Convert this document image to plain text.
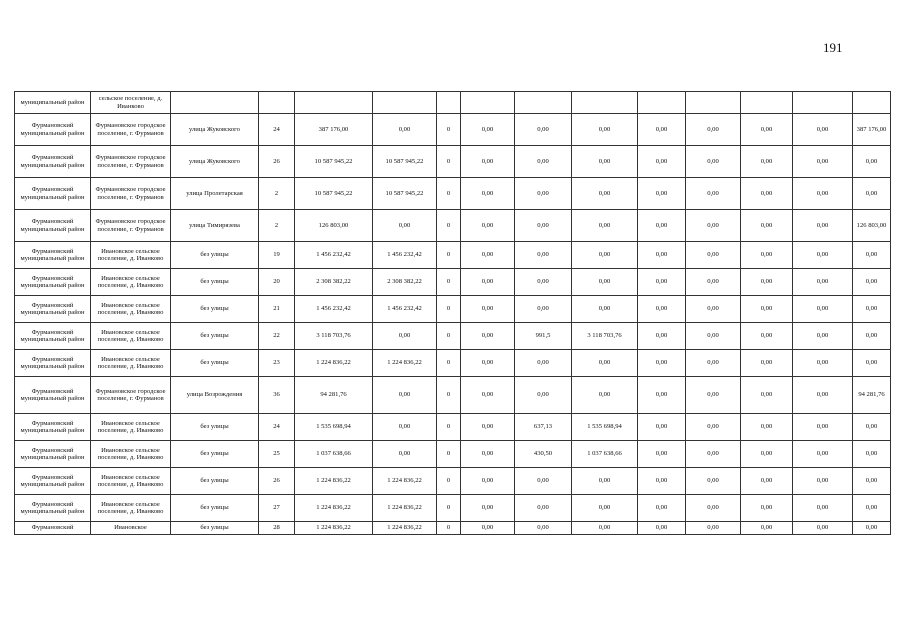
191
муниципальный район	сельское поселение, д. Иванково													
Фурмановский муниципальный район	Фурмановское городское поселение, г. Фурманов	улица Жуковского	24	387 176,00	0,00	0	0,00	0,00	0,00	0,00	0,00	0,00	0,00	387 176,00
Фурмановский муниципальный район	Фурмановское городское поселение, г. Фурманов	улица Жуковского	26	10 587 945,22	10 587 945,22	0	0,00	0,00	0,00	0,00	0,00	0,00	0,00	0,00
Фурмановский муниципальный район	Фурмановское городское поселение, г. Фурманов	улица Пролетарская	2	10 587 945,22	10 587 945,22	0	0,00	0,00	0,00	0,00	0,00	0,00	0,00	0,00
Фурмановский муниципальный район	Фурмановское городское поселение, г. Фурманов	улица Тимирязева	2	126 803,00	0,00	0	0,00	0,00	0,00	0,00	0,00	0,00	0,00	126 803,00
Фурмановский муниципальный район	Ивановское сельское поселение, д. Иванково	без улицы	19	1 456 232,42	1 456 232,42	0	0,00	0,00	0,00	0,00	0,00	0,00	0,00	0,00
Фурмановский муниципальный район	Ивановское сельское поселение, д. Иванково	без улицы	20	2 308 382,22	2 308 382,22	0	0,00	0,00	0,00	0,00	0,00	0,00	0,00	0,00
Фурмановский муниципальный район	Ивановское сельское поселение, д. Иванково	без улицы	21	1 456 232,42	1 456 232,42	0	0,00	0,00	0,00	0,00	0,00	0,00	0,00	0,00
Фурмановский муниципальный район	Ивановское сельское поселение, д. Иванково	без улицы	22	3 118 703,76	0,00	0	0,00	991,5	3 118 703,76	0,00	0,00	0,00	0,00	0,00
Фурмановский муниципальный район	Ивановское сельское поселение, д. Иванково	без улицы	23	1 224 836,22	1 224 836,22	0	0,00	0,00	0,00	0,00	0,00	0,00	0,00	0,00
Фурмановский муниципальный район	Фурмановское городское поселение, г. Фурманов	улица Возрождения	36	94 281,76	0,00	0	0,00	0,00	0,00	0,00	0,00	0,00	0,00	94 281,76
Фурмановский муниципальный район	Ивановское сельское поселение, д. Иванково	без улицы	24	1 535 698,94	0,00	0	0,00	637,13	1 535 698,94	0,00	0,00	0,00	0,00	0,00
Фурмановский муниципальный район	Ивановское сельское поселение, д. Иванково	без улицы	25	1 037 638,66	0,00	0	0,00	430,50	1 037 638,66	0,00	0,00	0,00	0,00	0,00
Фурмановский муниципальный район	Ивановское сельское поселение, д. Иванково	без улицы	26	1 224 836,22	1 224 836,22	0	0,00	0,00	0,00	0,00	0,00	0,00	0,00	0,00
Фурмановский муниципальный район	Ивановское сельское поселение, д. Иванково	без улицы	27	1 224 836,22	1 224 836,22	0	0,00	0,00	0,00	0,00	0,00	0,00	0,00	0,00
Фурмановский	Ивановское	без улицы	28	1 224 836,22	1 224 836,22	0	0,00	0,00	0,00	0,00	0,00	0,00	0,00	0,00
